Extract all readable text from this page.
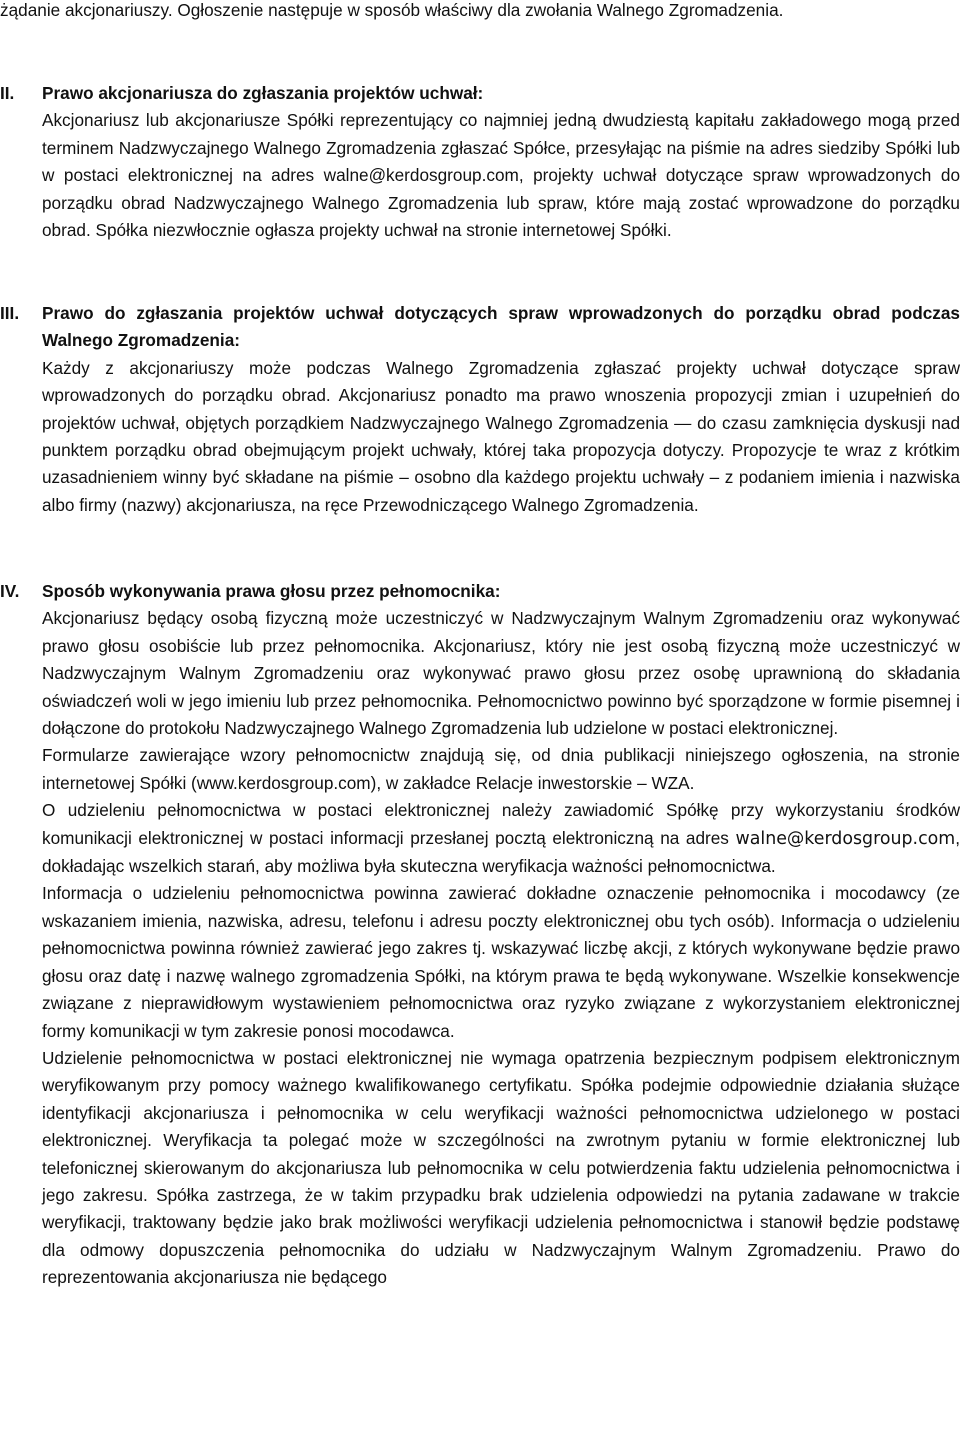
żądanie akcjonariuszy. Ogłoszenie następuje w sposób właściwy dla zwołania Walnego Zgromadzenia.

II. Prawo akcjonariusza do zgłaszania projektów uchwał:
Akcjonariusz lub akcjonariusze Spółki reprezentujący co najmniej jedną dwudziestą kapitału zakładowego mogą przed terminem Nadzwyczajnego Walnego Zgromadzenia zgłaszać Spółce, przesyłając na piśmie na adres siedziby Spółki lub w postaci elektronicznej na adres walne@kerdosgroup.com, projekty uchwał dotyczące spraw wprowadzonych do porządku obrad Nadzwyczajnego Walnego Zgromadzenia lub spraw, które mają zostać wprowadzone do porządku obrad. Spółka niezwłocznie ogłasza projekty uchwał na stronie internetowej Spółki.
III. Prawo do zgłaszania projektów uchwał dotyczących spraw wprowadzonych do porządku obrad podczas Walnego Zgromadzenia:
Każdy z akcjonariuszy może podczas Walnego Zgromadzenia zgłaszać projekty uchwał dotyczące spraw wprowadzonych do porządku obrad. Akcjonariusz ponadto ma prawo wnoszenia propozycji zmian i uzupełnień do projektów uchwał, objętych porządkiem Nadzwyczajnego Walnego Zgromadzenia — do czasu zamknięcia dyskusji nad punktem porządku obrad obejmującym projekt uchwały, której taka propozycja dotyczy. Propozycje te wraz z krótkim uzasadnieniem winny być składane na piśmie – osobno dla każdego projektu uchwały – z podaniem imienia i nazwiska albo firmy (nazwy) akcjonariusza, na ręce Przewodniczącego Walnego Zgromadzenia.
IV. Sposób wykonywania prawa głosu przez pełnomocnika:
Akcjonariusz będący osobą fizyczną może uczestniczyć w Nadzwyczajnym Walnym Zgromadzeniu oraz wykonywać prawo głosu osobiście lub przez pełnomocnika. Akcjonariusz, który nie jest osobą fizyczną może uczestniczyć w Nadzwyczajnym Walnym Zgromadzeniu oraz wykonywać prawo głosu przez osobę uprawnioną do składania oświadczeń woli w jego imieniu lub przez pełnomocnika. Pełnomocnictwo powinno być sporządzone w formie pisemnej i dołączone do protokołu Nadzwyczajnego Walnego Zgromadzenia lub udzielone w postaci elektronicznej.
Formularze zawierające wzory pełnomocnictw znajdują się, od dnia publikacji niniejszego ogłoszenia, na stronie internetowej Spółki (www.kerdosgroup.com), w zakładce Relacje inwestorskie – WZA.
O udzieleniu pełnomocnictwa w postaci elektronicznej należy zawiadomić Spółkę przy wykorzystaniu środków komunikacji elektronicznej w postaci informacji przesłanej pocztą elektroniczną na adres walne@kerdosgroup.com, dokładając wszelkich starań, aby możliwa była skuteczna weryfikacja ważności pełnomocnictwa.
Informacja o udzieleniu pełnomocnictwa powinna zawierać dokładne oznaczenie pełnomocnika i mocodawcy (ze wskazaniem imienia, nazwiska, adresu, telefonu i adresu poczty elektronicznej obu tych osób). Informacja o udzieleniu pełnomocnictwa powinna również zawierać jego zakres tj. wskazywać liczbę akcji, z których wykonywane będzie prawo głosu oraz datę i nazwę walnego zgromadzenia Spółki, na którym prawa te będą wykonywane. Wszelkie konsekwencje związane z nieprawidłowym wystawieniem pełnomocnictwa oraz ryzyko związane z wykorzystaniem elektronicznej formy komunikacji w tym zakresie ponosi mocodawca.
Udzielenie pełnomocnictwa w postaci elektronicznej nie wymaga opatrzenia bezpiecznym podpisem elektronicznym weryfikowanym przy pomocy ważnego kwalifikowanego certyfikatu. Spółka podejmie odpowiednie działania służące identyfikacji akcjonariusza i pełnomocnika w celu weryfikacji ważności pełnomocnictwa udzielonego w postaci elektronicznej. Weryfikacja ta polegać może w szczególności na zwrotnym pytaniu w formie elektronicznej lub telefonicznej skierowanym do akcjonariusza lub pełnomocnika w celu potwierdzenia faktu udzielenia pełnomocnictwa i jego zakresu. Spółka zastrzega, że w takim przypadku brak udzielenia odpowiedzi na pytania zadawane w trakcie weryfikacji, traktowany będzie jako brak możliwości weryfikacji udzielenia pełnomocnictwa i stanowił będzie podstawę dla odmowy dopuszczenia pełnomocnika do udziału w Nadzwyczajnym Walnym Zgromadzeniu. Prawo do reprezentowania akcjonariusza nie będącego
